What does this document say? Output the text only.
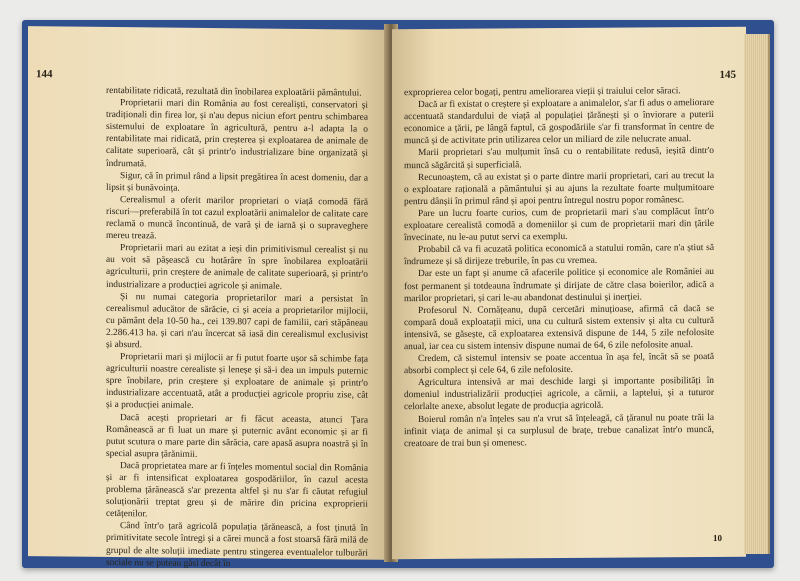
144

rentabilitate ridicată, rezultată din înobilarea exploatării pământului.

Proprietarii mari din România au fost cerealiști, conservatori și tradiționali din firea lor, și n'au depus niciun efort pentru schimbarea sistemului de exploatare în agricultură, pentru a-l adapta la o rentabilitate mai ridicată, prin creșterea și exploatarea de animale de calitate superioară, cât și printr'o industrializare bine organizată și îndrumată.

Sigur, că în primul rând a lipsit pregătirea în acest domeniu, dar a lipsit și bunăvoința.

Cerealismul a oferit marilor proprietari o viață comodă fără riscuri—preferabilă în tot cazul exploatării animalelor de calitate care reclamă o muncă încontinuă, de vară și de iarnă și o supraveghere mereu trează.

Proprietarii mari au ezitat a ieși din primitivismul cerealist și nu au voit să pășească cu hotărâre în spre înobilarea exploatării agriculturii, prin creștere de animale de calitate superioară, și printr'o industrializare a producției agricole și animale.

Și nu numai categoria proprietarilor mari a persistat în cerealismul aducător de sărăcie, ci și aceia a proprietarilor mijlocii, cu pământ dela 10-50 ha., cei 139.807 capi de familii, cari stăpâneau 2.286.413 ha. și cari n'au încercat să iasă din cerealismul exclusivist și absurd.

Proprietarii mari și mijlocii ar fi putut foarte ușor să schimbe fața agriculturii noastre cerealiste și leneșe și să-i dea un impuls puternic spre înobilare, prin creștere și exploatare de animale și printr'o industrializare accentuată, atât a producției agricole propriu zise, cât și a producției animale.

Dacă acești proprietari ar fi făcut aceasta, atunci Țara Românească ar fi luat un mare și puternic avânt economic și ar fi putut scutura o mare parte din sărăcia, care apasă asupra noastră și în special asupra țărănimii.

Dacă proprietatea mare ar fi înțeles momentul social din România și ar fi intensificat exploatarea gospodăriilor, în cazul acesta problema țărănească s'ar prezenta altfel și nu s'ar fi căutat refugiul soluționării treptat greu și de mărire din pricina exproprierii cetățenilor.

Când într'o țară agricolă populația țărănească, a fost ținută în primitivitate secole întregi și a cărei muncă a fost stoarsă fără milă de grupul de alte soluții imediate pentru stingerea eventualelor tulburări sociale nu se puteau găsi decât în

145

exproprierea celor bogați, pentru ameliorarea vieții și traiului celor săraci.

Dacă ar fi existat o creștere și exploatare a animalelor, s'ar fi adus o ameliorare accentuată standardului de viață al populației țărănești și o înviorare a puterii economice a țării, pe lângă faptul, că gospodăriile s'ar fi transformat în centre de muncă și de activitate prin utilizarea celor un miliard de zile nelucrate anual.

Marii proprietari s'au mulțumit însă cu o rentabilitate redusă, ieșită dintr'o muncă săgărcită și superficială.

Recunoaștem, că au existat și o parte dintre marii proprietari, cari au trecut la o exploatare rațională a pământului și au ajuns la rezultate foarte mulțumitoare pentru dânșii în primul rând și apoi pentru întregul nostru popor românesc.

Pare un lucru foarte curios, cum de proprietarii mari s'au complăcut într'o exploatare cerealistă comodă a domeniilor și cum de proprietarii mari din țările învecinate, nu le-au putut servi ca exemplu.

Probabil că va fi acuzată politica economică a statului român, care n'a știut să îndrumeze și să dirijeze treburile, în pas cu vremea.

Dar este un fapt și anume că afacerile politice și economice ale României au fost permanent și totdeauna îndrumate și dirijate de către clasa boierilor, adică a marilor proprietari, și cari le-au abandonat destinului și inerției.

Profesorul N. Cornățeanu, după cercetări minuțioase, afirmă că dacă se compară două exploatații mici, una cu cultură sistem extensiv și alta cu cultură intensivă, se găsește, că exploatarea extensivă dispune de 144, 5 zile nefolosite anual, iar cea cu sistem intensiv dispune numai de 64, 6 zile nefolosite anual.

Credem, că sistemul intensiv se poate accentua în așa fel, încât să se poată absorbi complect și cele 64, 6 zile nefolosite.

Agricultura intensivă ar mai deschide largi și importante posibilități în domeniul industrializării producției agricole, a cărnii, a laptelui, și a tuturor celorlalte anexe, absolut legate de producția agricolă.

Boierul român n'a înțeles sau n'a vrut să înțeleagă, că țăranul nu poate trăi la infinit viața de animal și ca surplusul de brațe, trebue canalizat într'o muncă, creatoare de trai bun și omenesc.

10
